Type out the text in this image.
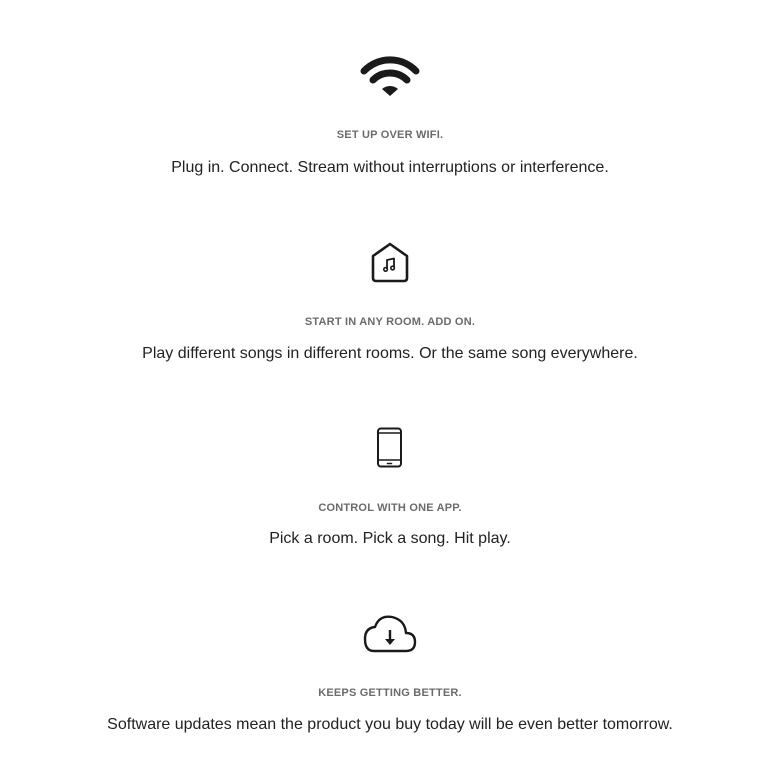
SET UP OVER WIFI.
Plug in. Connect. Stream without interruptions or interference.
START IN ANY ROOM. ADD ON.
Play different songs in different rooms. Or the same song everywhere.
CONTROL WITH ONE APP.
Pick a room. Pick a song. Hit play.
KEEPS GETTING BETTER.
Software updates mean the product you buy today will be even better tomorrow.
